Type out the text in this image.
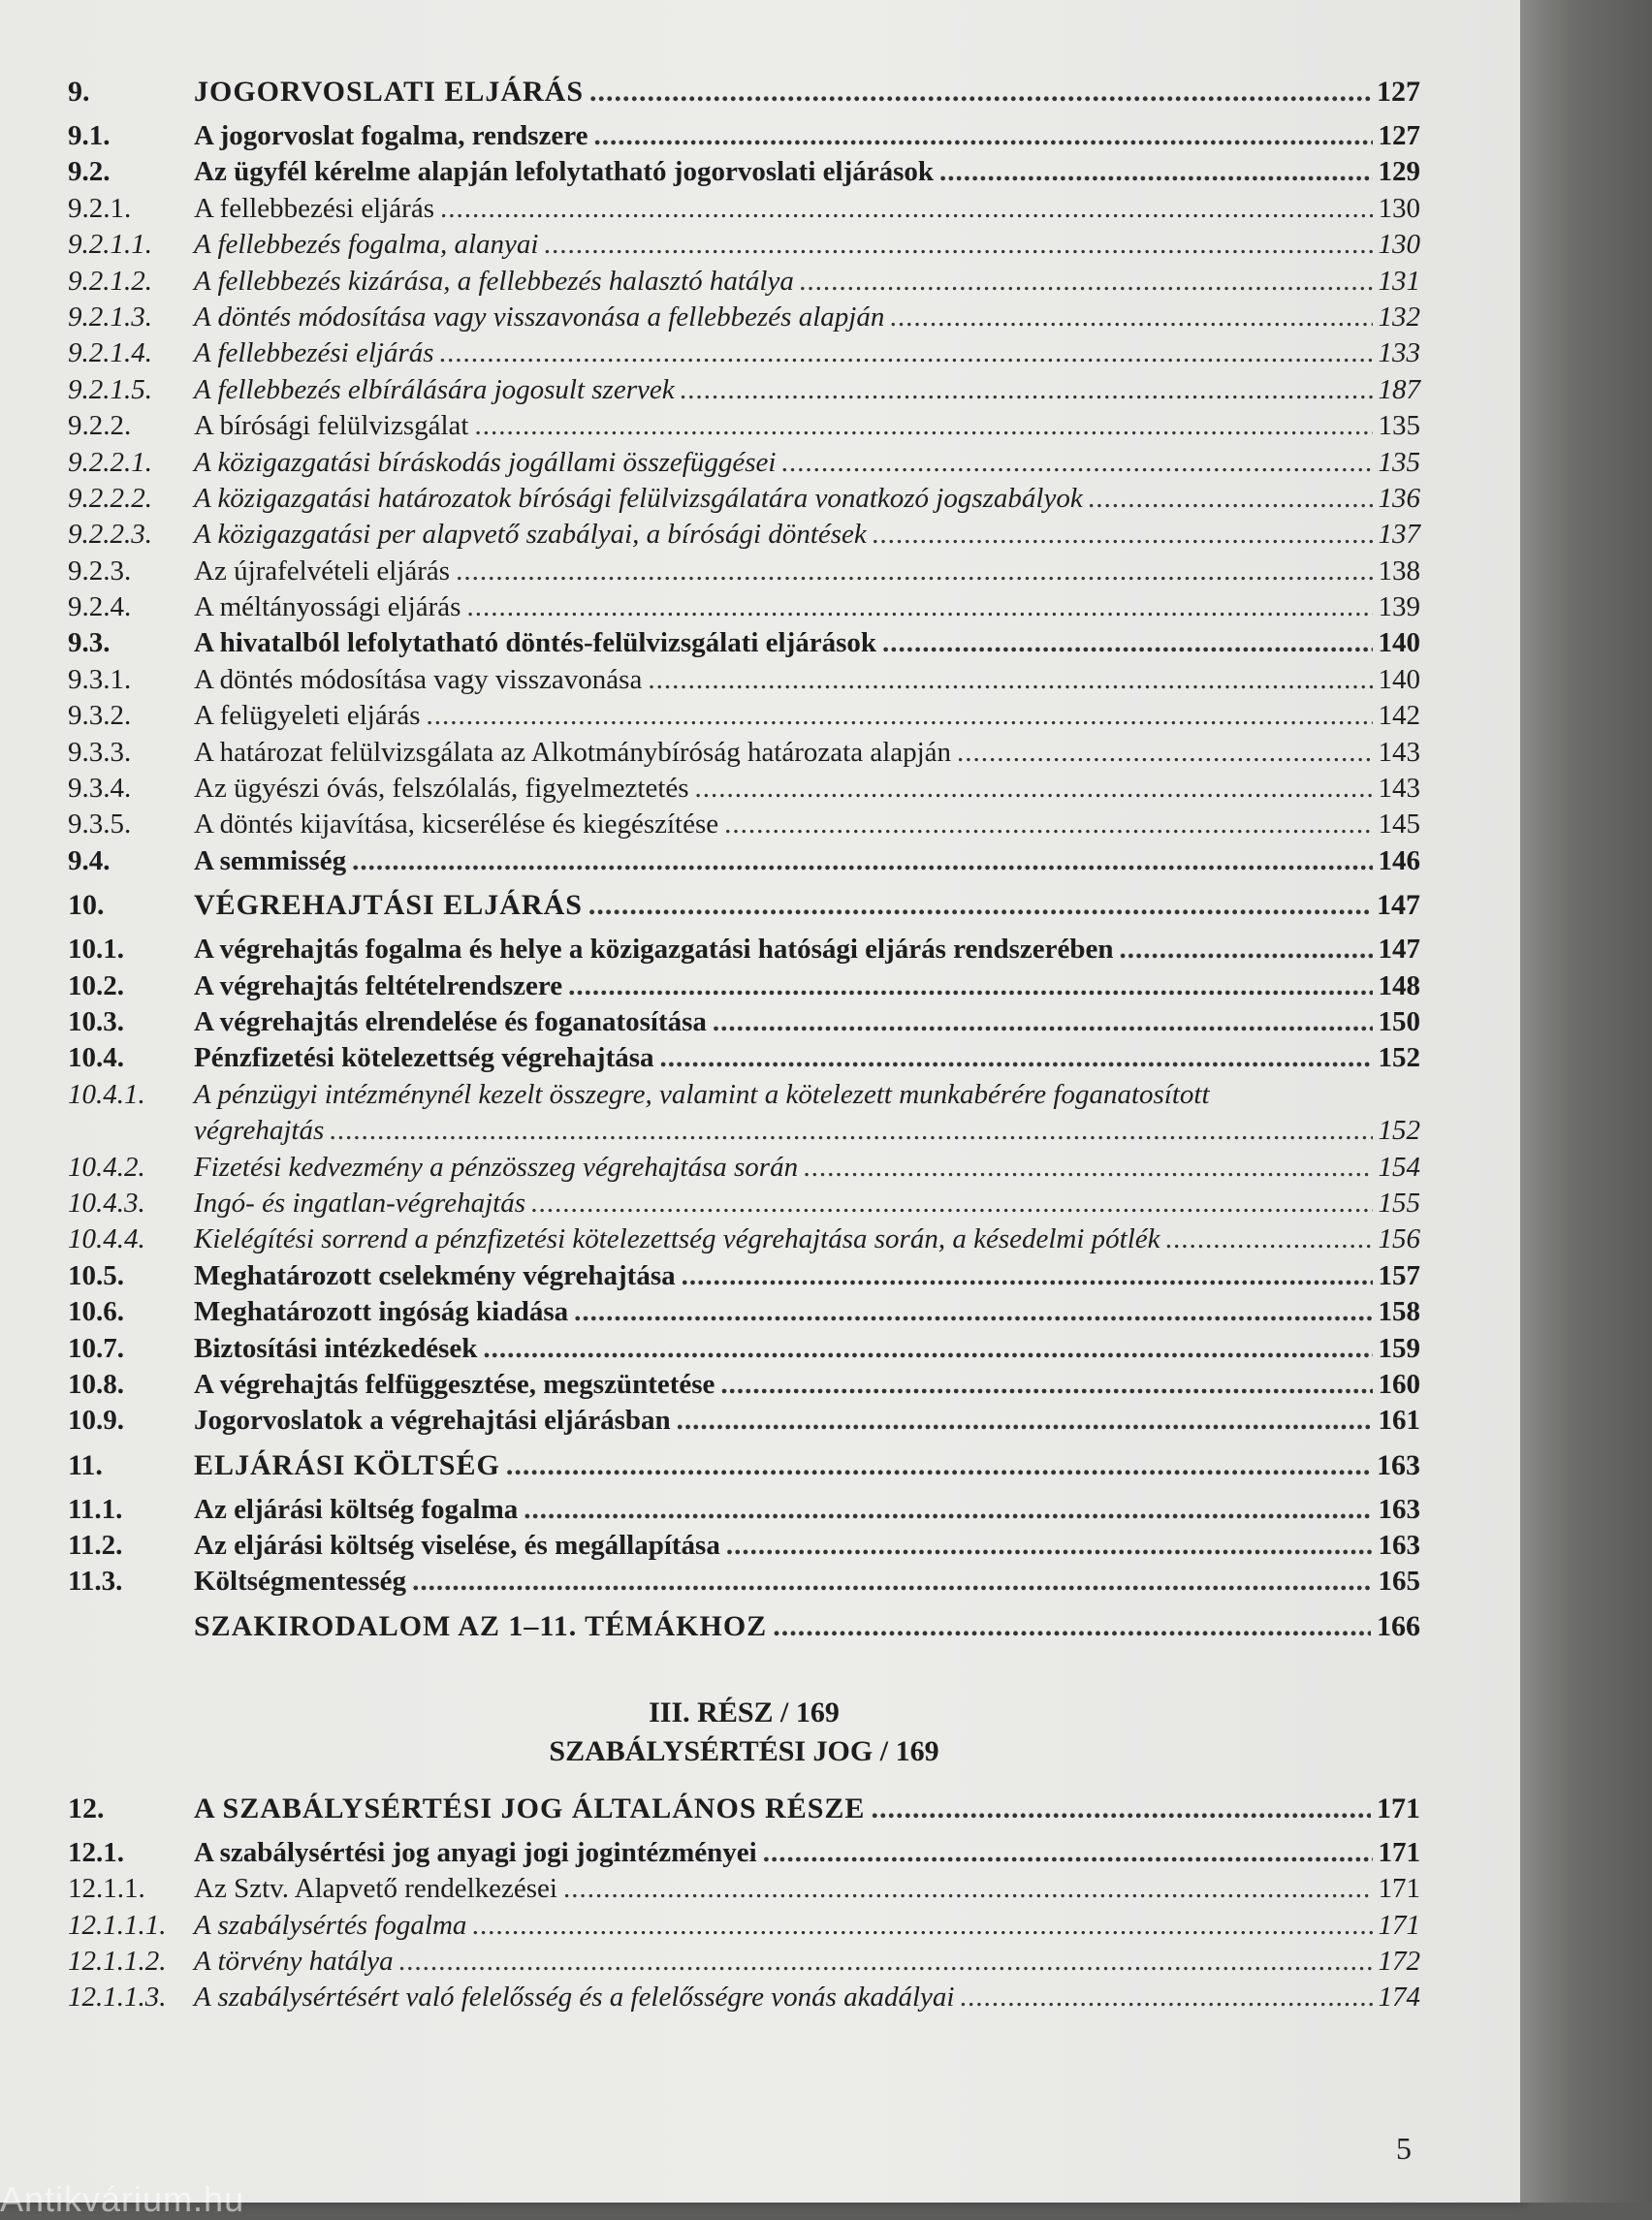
9.	JOGORVOSLATI ELJÁRÁS .....	127
9.1.	A jogorvoslat fogalma, rendszere .....	127
9.2.	Az ügyfél kérelme alapján lefolytatható jogorvoslati eljárások .....	129
9.2.1.	A fellebbezési eljárás .....	130
9.2.1.1.	A fellebbezés fogalma, alanyai .....	130
9.2.1.2.	A fellebbezés kizárása, a fellebbezés halasztó hatálya .....	131
9.2.1.3.	A döntés módosítása vagy visszavonása a fellebbezés alapján .....	132
9.2.1.4.	A fellebbezési eljárás .....	133
9.2.1.5.	A fellebbezés elbírálására jogosult szervek .....	187
9.2.2.	A bírósági felülvizsgálat .....	135
9.2.2.1.	A közigazgatási bíráskodás jogállami összefüggései .....	135
9.2.2.2.	A közigazgatási határozatok bírósági felülvizsgálatára vonatkozó jogszabályok .....	136
9.2.2.3.	A közigazgatási per alapvető szabályai, a bírósági döntések .....	137
9.2.3.	Az újrafelvételi eljárás .....	138
9.2.4.	A méltányossági eljárás .....	139
9.3.	A hivatalból lefolytatható döntés-felülvizsgálati eljárások .....	140
9.3.1.	A döntés módosítása vagy visszavonása .....	140
9.3.2.	A felügyeleti eljárás .....	142
9.3.3.	A határozat felülvizsgálata az Alkotmánybíróság határozata alapján .....	143
9.3.4.	Az ügyészi óvás, felszólalás, figyelmeztetés .....	143
9.3.5.	A döntés kijavítása, kicserélése és kiegészítése .....	145
9.4.	A semmisség .....	146
10.	VÉGREHAJTÁSI ELJÁRÁS .....	147
10.1.	A végrehajtás fogalma és helye a közigazgatási hatósági eljárás rendszerében .....	147
10.2.	A végrehajtás feltételrendszere .....	148
10.3.	A végrehajtás elrendelése és foganatosítása .....	150
10.4.	Pénzfizetési kötelezettség végrehajtása .....	152
10.4.1.	A pénzügyi intézménynél kezelt összegre, valamint a kötelezett munkabérére foganatosított
végrehajtás .....	152
10.4.2.	Fizetési kedvezmény a pénzösszeg végrehajtása során .....	154
10.4.3.	Ingó- és ingatlan-végrehajtás .....	155
10.4.4.	Kielégítési sorrend a pénzfizetési kötelezettség végrehajtása során, a késedelmi pótlék .....	156
10.5.	Meghatározott cselekmény végrehajtása .....	157
10.6.	Meghatározott ingóság kiadása .....	158
10.7.	Biztosítási intézkedések .....	159
10.8.	A végrehajtás felfüggesztése, megszüntetése .....	160
10.9.	Jogorvoslatok a végrehajtási eljárásban .....	161
11.	ELJÁRÁSI KÖLTSÉG .....	163
11.1.	Az eljárási költség fogalma .....	163
11.2.	Az eljárási költség viselése, és megállapítása .....	163
11.3.	Költségmentesség .....	165
SZAKIRODALOM AZ 1–11. TÉMÁKHOZ .....	166
III. RÉSZ / 169
SZABÁLYSÉRTÉSI JOG / 169
12.	A SZABÁLYSÉRTÉSI JOG ÁLTALÁNOS RÉSZE .....	171
12.1.	A szabálysértési jog anyagi jogi jogintézményei .....	171
12.1.1.	Az Sztv. Alapvető rendelkezései .....	171
12.1.1.1. A szabálysértés fogalma .....	171
12.1.1.2. A törvény hatálya .....	172
12.1.1.3. A szabálysértésért való felelősség és a felelősségre vonás akadályai .....	174
5
Antikvárium.hu
